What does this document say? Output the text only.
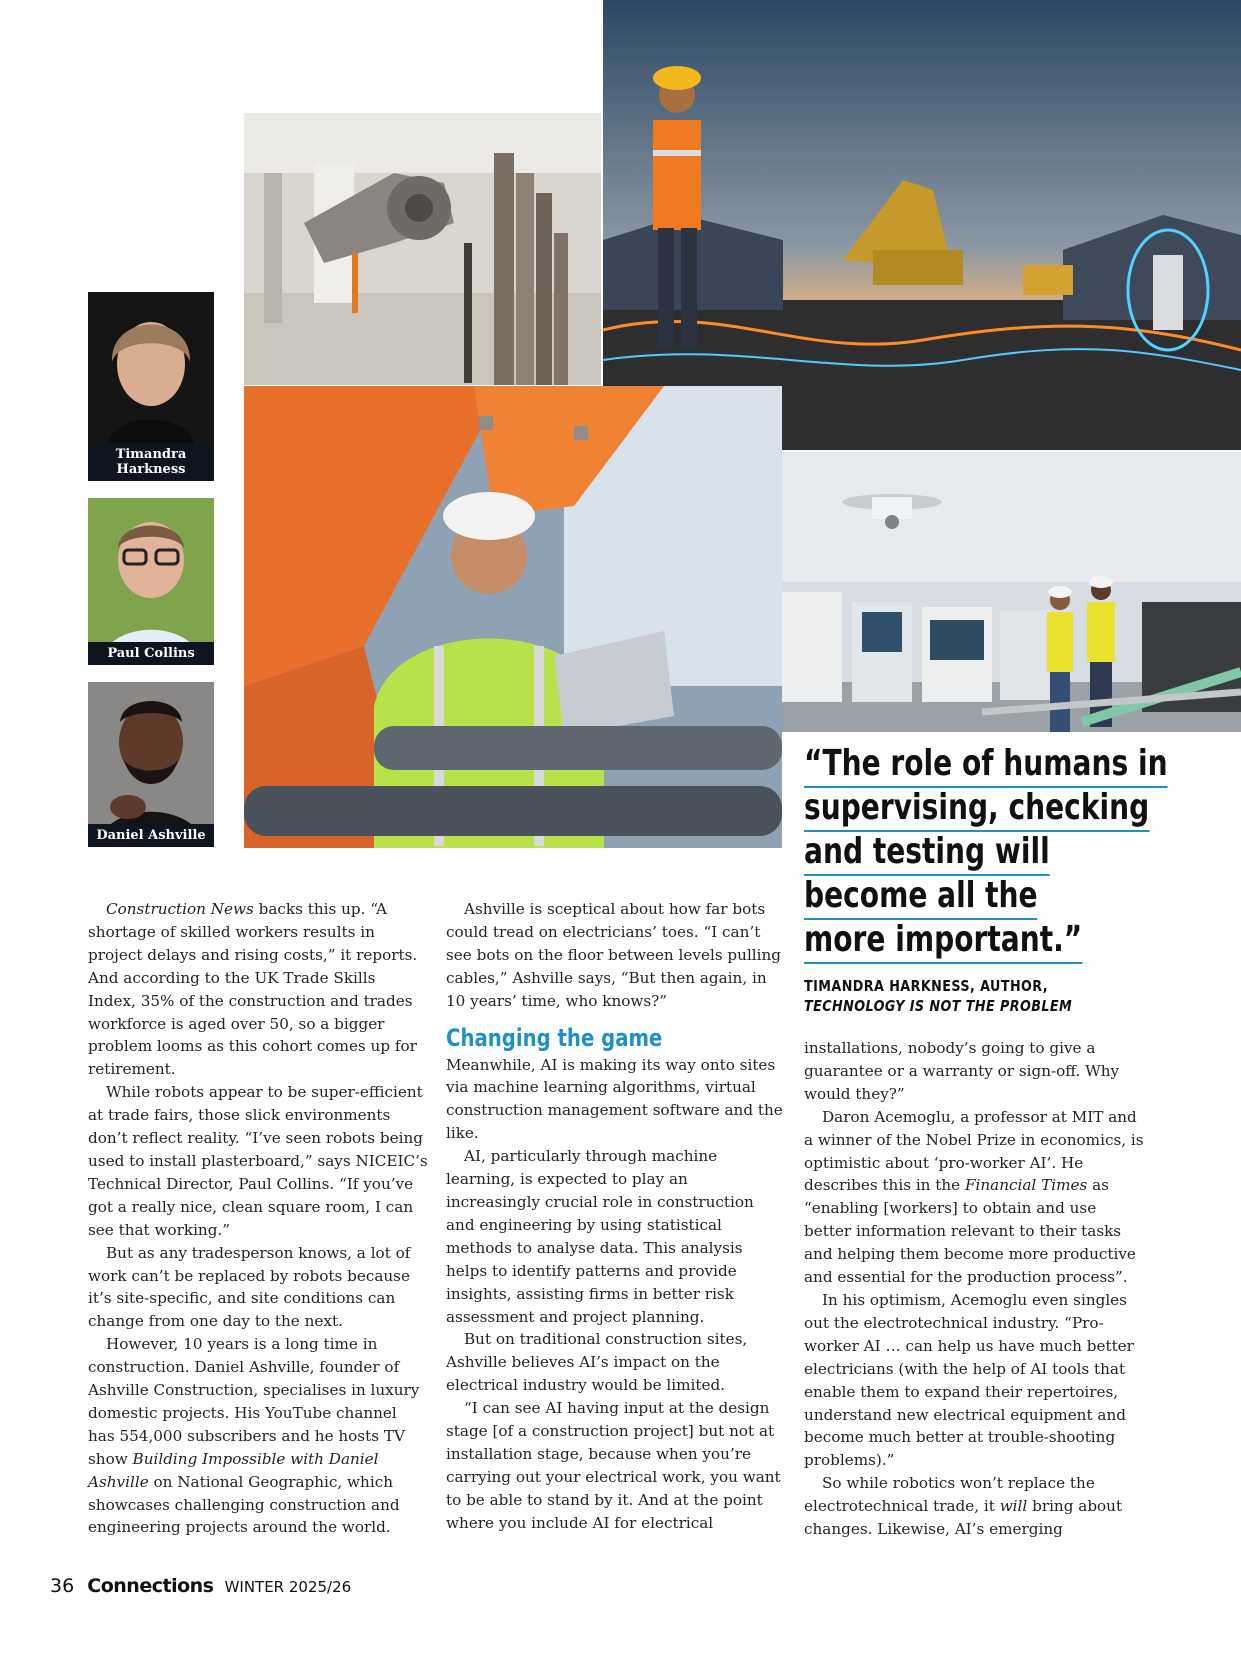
Timandra Harkness
Paul Collins
Daniel Ashville
“The role of humans in
supervising, checking
and testing will
become all the
more important.”
TIMANDRA HARKNESS, AUTHOR,
TECHNOLOGY IS NOT THE PROBLEM

Construction News backs this up. “A shortage of skilled workers results in project delays and rising costs,” it reports. And according to the UK Trade Skills Index, 35% of the construction and trades workforce is aged over 50, so a bigger problem looms as this cohort comes up for retirement.

While robots appear to be super-efficient at trade fairs, those slick environments don’t reflect reality. “I’ve seen robots being used to install plasterboard,” says NICEIC’s Technical Director, Paul Collins. “If you’ve got a really nice, clean square room, I can see that working.”

But as any tradesperson knows, a lot of work can’t be replaced by robots because it’s site-specific, and site conditions can change from one day to the next.

However, 10 years is a long time in construction. Daniel Ashville, founder of Ashville Construction, specialises in luxury domestic projects. His YouTube channel has 554,000 subscribers and he hosts TV show Building Impossible with Daniel Ashville on National Geographic, which showcases challenging construction and engineering projects around the world.

Ashville is sceptical about how far bots could tread on electricians’ toes. “I can’t see bots on the floor between levels pulling cables,” Ashville says, “But then again, in 10 years’ time, who knows?”

Changing the game

Meanwhile, AI is making its way onto sites via machine learning algorithms, virtual construction management software and the like.

AI, particularly through machine learning, is expected to play an increasingly crucial role in construction and engineering by using statistical methods to analyse data. This analysis helps to identify patterns and provide insights, assisting firms in better risk assessment and project planning.

But on traditional construction sites, Ashville believes AI’s impact on the electrical industry would be limited.

“I can see AI having input at the design stage [of a construction project] but not at installation stage, because when you’re carrying out your electrical work, you want to be able to stand by it. And at the point where you include AI for electrical

installations, nobody’s going to give a guarantee or a warranty or sign-off. Why would they?”

Daron Acemoglu, a professor at MIT and a winner of the Nobel Prize in economics, is optimistic about ‘pro-worker AI’. He describes this in the Financial Times as “enabling [workers] to obtain and use better information relevant to their tasks and helping them become more productive and essential for the production process”.

In his optimism, Acemoglu even singles out the electrotechnical industry. “Pro-worker AI … can help us have much better electricians (with the help of AI tools that enable them to expand their repertoires, understand new electrical equipment and become much better at trouble-shooting problems).”

So while robotics won’t replace the electrotechnical trade, it will bring about changes. Likewise, AI’s emerging

36 Connections WINTER 2025/26
